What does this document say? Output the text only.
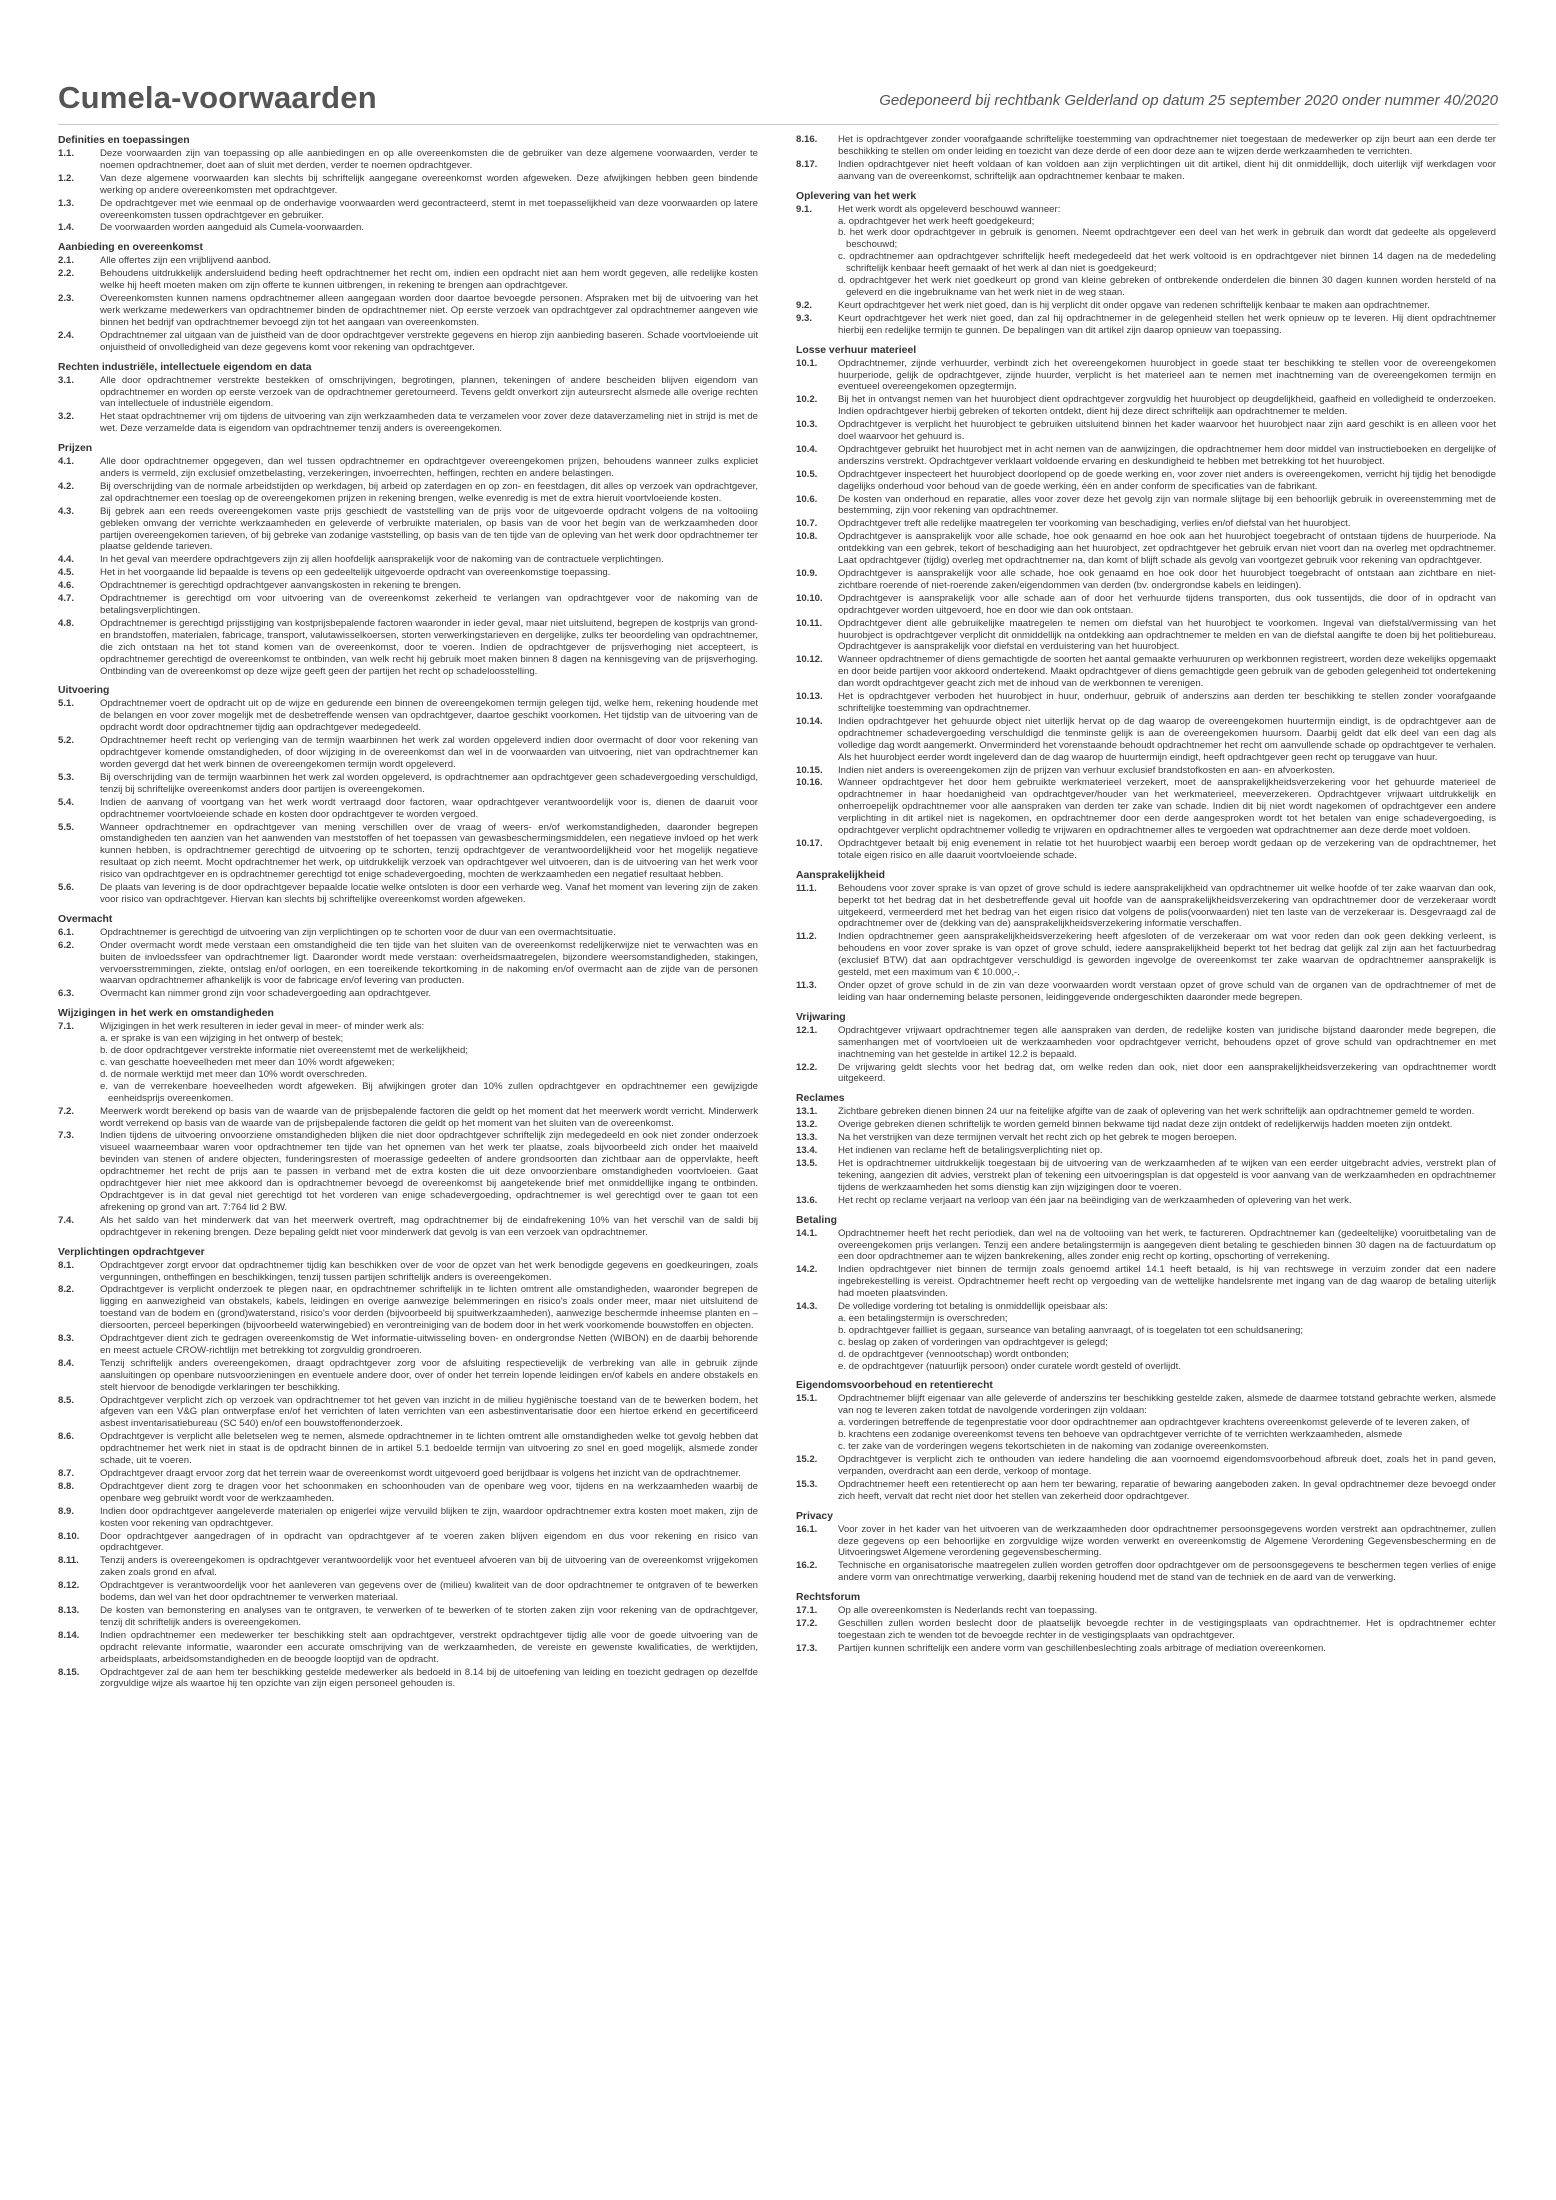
Cumela-voorwaarden	Gedeponeerd bij rechtbank Gelderland op datum 25 september 2020 onder nummer 40/2020
Definities en toepassingen
1.1.	Deze voorwaarden zijn van toepassing op alle aanbiedingen en op alle overeenkomsten die de gebruiker van deze algemene voorwaarden, verder te noemen opdrachtnemer, doet aan of sluit met derden, verder te noemen opdrachtgever.
1.2.	Van deze algemene voorwaarden kan slechts bij schriftelijk aangegane overeenkomst worden afgeweken. Deze afwijkingen hebben geen bindende werking op andere overeenkomsten met opdrachtgever.
1.3.	De opdrachtgever met wie eenmaal op de onderhavige voorwaarden werd gecontracteerd, stemt in met toepasselijkheid van deze voorwaarden op latere overeenkomsten tussen opdrachtgever en gebruiker.
1.4.	De voorwaarden worden aangeduid als Cumela-voorwaarden.
Aanbieding en overeenkomst
2.1.	Alle offertes zijn een vrijblijvend aanbod.
2.2.	Behoudens uitdrukkelijk andersluidend beding heeft opdrachtnemer het recht om, indien een opdracht niet aan hem wordt gegeven, alle redelijke kosten welke hij heeft moeten maken om zijn offerte te kunnen uitbrengen, in rekening te brengen aan opdrachtgever.
2.3.	Overeenkomsten kunnen namens opdrachtnemer alleen aangegaan worden door daartoe bevoegde personen. Afspraken met bij de uitvoering van het werk werkzame medewerkers van opdrachtnemer binden de opdrachtnemer niet. Op eerste verzoek van opdrachtgever zal opdrachtnemer aangeven wie binnen het bedrijf van opdrachtnemer bevoegd zijn tot het aangaan van overeenkomsten.
2.4.	Opdrachtnemer zal uitgaan van de juistheid van de door opdrachtgever verstrekte gegevens en hierop zijn aanbieding baseren. Schade voortvloeiende uit onjuistheid of onvolledigheid van deze gegevens komt voor rekening van opdrachtgever.
Rechten industriële, intellectuele eigendom en data
3.1.	Alle door opdrachtnemer verstrekte bestekken of omschrijvingen, begrotingen, plannen, tekeningen of andere bescheiden blijven eigendom van opdrachtnemer en worden op eerste verzoek van de opdrachtnemer geretourneerd. Tevens geldt onverkort zijn auteursrecht alsmede alle overige rechten van intellectuele of industriële eigendom.
3.2.	Het staat opdrachtnemer vrij om tijdens de uitvoering van zijn werkzaamheden data te verzamelen voor zover deze dataverzameling niet in strijd is met de wet. Deze verzamelde data is eigendom van opdrachtnemer tenzij anders is overeengekomen.
Prijzen
4.1.	Alle door opdrachtnemer opgegeven, dan wel tussen opdrachtnemer en opdrachtgever overeengekomen prijzen, behoudens wanneer zulks expliciet anders is vermeld, zijn exclusief omzetbelasting, verzekeringen, invoerrechten, heffingen, rechten en andere belastingen.
4.2.	Bij overschrijding van de normale arbeidstijden op werkdagen, bij arbeid op zaterdagen en op zon- en feestdagen, dit alles op verzoek van opdrachtgever, zal opdrachtnemer een toeslag op de overeengekomen prijzen in rekening brengen, welke evenredig is met de extra hieruit voortvloeiende kosten.
4.3.	Bij gebrek aan een reeds overeengekomen vaste prijs geschiedt de vaststelling van de prijs voor de uitgevoerde opdracht volgens de na voltooiing gebleken omvang der verrichte werkzaamheden en geleverde of verbruikte materialen, op basis van de voor het begin van de werkzaamheden door partijen overeengekomen tarieven, of bij gebreke van zodanige vaststelling, op basis van de ten tijde van de opleving van het werk door opdrachtnemer ter plaatse geldende tarieven.
4.4.	In het geval van meerdere opdrachtgevers zijn zij allen hoofdelijk aansprakelijk voor de nakoming van de contractuele verplichtingen.
4.5.	Het in het voorgaande lid bepaalde is tevens op een gedeeltelijk uitgevoerde opdracht van overeenkomstige toepassing.
4.6.	Opdrachtnemer is gerechtigd opdrachtgever aanvangskosten in rekening te brengen.
4.7.	Opdrachtnemer is gerechtigd om voor uitvoering van de overeenkomst zekerheid te verlangen van opdrachtgever voor de nakoming van de betalingsverplichtingen.
4.8.	Opdrachtnemer is gerechtigd prijsstijging van kostprijsbepalende factoren waaronder in ieder geval, maar niet uitsluitend, begrepen de kostprijs van grond- en brandstoffen, materialen, fabricage, transport, valutawisselkoersen, storten verwerkingstarieven en dergelijke, zulks ter beoordeling van opdrachtnemer, die zich ontstaan na het tot stand komen van de overeenkomst, door te voeren. Indien de opdrachtgever de prijsverhoging niet accepteert, is opdrachtnemer gerechtigd de overeenkomst te ontbinden, van welk recht hij gebruik moet maken binnen 8 dagen na kennisgeving van de prijsverhoging. Ontbinding van de overeenkomst op deze wijze geeft geen der partijen het recht op schadeloosstelling.
Uitvoering
5.1.	Opdrachtnemer voert de opdracht uit op de wijze en gedurende een binnen de overeengekomen termijn gelegen tijd, welke hem, rekening houdende met de belangen en voor zover mogelijk met de desbetreffende wensen van opdrachtgever, daartoe geschikt voorkomen. Het tijdstip van de uitvoering van de opdracht wordt door opdrachtnemer tijdig aan opdrachtgever medegedeeld.
5.2.	Opdrachtnemer heeft recht op verlenging van de termijn waarbinnen het werk zal worden opgeleverd indien door overmacht of door voor rekening van opdrachtgever komende omstandigheden, of door wijziging in de overeenkomst dan wel in de voorwaarden van uitvoering, niet van opdrachtnemer kan worden gevergd dat het werk binnen de overeengekomen termijn wordt opgeleverd.
5.3.	Bij overschrijding van de termijn waarbinnen het werk zal worden opgeleverd, is opdrachtnemer aan opdrachtgever geen schadevergoeding verschuldigd, tenzij bij schriftelijke overeenkomst anders door partijen is overeengekomen.
5.4.	Indien de aanvang of voortgang van het werk wordt vertraagd door factoren, waar opdrachtgever verantwoordelijk voor is, dienen de daaruit voor opdrachtnemer voortvloeiende schade en kosten door opdrachtgever te worden vergoed.
5.5.	Wanneer opdrachtnemer en opdrachtgever van mening verschillen over de vraag of weers- en/of werkomstandigheden, daaronder begrepen omstandigheden ten aanzien van het aanwenden van meststoffen of het toepassen van gewasbeschermingsmiddelen, een negatieve invloed op het werk kunnen hebben, is opdrachtnemer gerechtigd de uitvoering op te schorten, tenzij opdrachtgever de verantwoordelijkheid voor het mogelijk negatieve resultaat op zich neemt. Mocht opdrachtnemer het werk, op uitdrukkelijk verzoek van opdrachtgever wel uitvoeren, dan is de uitvoering van het werk voor risico van opdrachtgever en is opdrachtnemer gerechtigd tot enige schadevergoeding, mochten de werkzaamheden een negatief resultaat hebben.
5.6.	De plaats van levering is de door opdrachtgever bepaalde locatie welke ontsloten is door een verharde weg. Vanaf het moment van levering zijn de zaken voor risico van opdrachtgever. Hiervan kan slechts bij schriftelijke overeenkomst worden afgeweken.
Overmacht
6.1.	Opdrachtnemer is gerechtigd de uitvoering van zijn verplichtingen op te schorten voor de duur van een overmachtsituatie.
6.2.	Onder overmacht wordt mede verstaan een omstandigheid die ten tijde van het sluiten van de overeenkomst redelijkerwijze niet te verwachten was en buiten de invloedssfeer van opdrachtnemer ligt. Daaronder wordt mede verstaan: overheidsmaatregelen, bijzondere weersomstandigheden, stakingen, vervoersstremmingen, ziekte, ontslag en/of oorlogen, en een toereikende tekortkoming in de nakoming en/of overmacht aan de zijde van de personen waarvan opdrachtnemer afhankelijk is voor de fabricage en/of levering van producten.
6.3.	Overmacht kan nimmer grond zijn voor schadevergoeding aan opdrachtgever.
Wijzigingen in het werk en omstandigheden
7.1.	Wijzigingen in het werk resulteren in ieder geval in meer- of minder werk als:
a. er sprake is van een wijziging in het ontwerp of bestek;
b. de door opdrachtgever verstrekte informatie niet overeenstemt met de werkelijkheid;
c. van geschatte hoeveelheden met meer dan 10% wordt afgeweken;
d. de normale werktijd met meer dan 10% wordt overschreden.
e. van de verrekenbare hoeveelheden wordt afgeweken. Bij afwijkingen groter dan 10% zullen opdrachtgever en opdrachtnemer een gewijzigde eenheidsprijs overeenkomen.
7.2.	Meerwerk wordt berekend op basis van de waarde van de prijsbepalende factoren die geldt op het moment dat het meerwerk wordt verricht. Minderwerk wordt verrekend op basis van de waarde van de prijsbepalende factoren die geldt op het moment van het sluiten van de overeenkomst.
7.3.	Indien tijdens de uitvoering onvoorziene omstandigheden blijken die niet door opdrachtgever schriftelijk zijn medegedeeld en ook niet zonder onderzoek visueel waarneembaar waren voor opdrachtnemer ten tijde van het opnemen van het werk ter plaatse, zoals bijvoorbeeld zich onder het maaiveld bevinden van stenen of andere objecten, funderingsresten of moerassige gedeelten of andere grondsoorten dan zichtbaar aan de oppervlakte, heeft opdrachtnemer het recht de prijs aan te passen in verband met de extra kosten die uit deze onvoorzienbare omstandigheden voortvloeien. Gaat opdrachtgever hier niet mee akkoord dan is opdrachtnemer bevoegd de overeenkomst bij aangetekende brief met onmiddellijke ingang te ontbinden. Opdrachtgever is in dat geval niet gerechtigd tot het vorderen van enige schadevergoeding, opdrachtnemer is wel gerechtigd over te gaan tot een afrekening op grond van art. 7:764 lid 2 BW.
7.4.	Als het saldo van het minderwerk dat van het meerwerk overtreft, mag opdrachtnemer bij de eindafrekening 10% van het verschil van de saldi bij opdrachtgever in rekening brengen. Deze bepaling geldt niet voor minderwerk dat gevolg is van een verzoek van opdrachtnemer.
Verplichtingen opdrachtgever
8.1.	Opdrachtgever zorgt ervoor dat opdrachtnemer tijdig kan beschikken over de voor de opzet van het werk benodigde gegevens en goedkeuringen, zoals vergunningen, ontheffingen en beschikkingen, tenzij tussen partijen schriftelijk anders is overeengekomen.
8.2.	Opdrachtgever is verplicht onderzoek te plegen naar, en opdrachtnemer schriftelijk in te lichten omtrent alle omstandigheden, waaronder begrepen de ligging en aanwezigheid van obstakels, kabels, leidingen en overige aanwezige belemmeringen en risico's zoals onder meer, maar niet uitsluitend de toestand van de bodem en (grond)waterstand, risico's voor derden (bijvoorbeeld bij spuitwerkzaamheden), aanwezige beschermde inheemse planten en – diersoorten, perceel beperkingen (bijvoorbeeld waterwingebied) en verontreiniging van de bodem door in het werk voorkomende bouwstoffen en objecten.
8.3.	Opdrachtgever dient zich te gedragen overeenkomstig de Wet informatie-uitwisseling boven- en ondergrondse Netten (WIBON) en de daarbij behorende en meest actuele CROW-richtlijn met betrekking tot zorgvuldig grondroeren.
8.4.	Tenzij schriftelijk anders overeengekomen, draagt opdrachtgever zorg voor de afsluiting respectievelijk de verbreking van alle in gebruik zijnde aansluitingen op openbare nutsvoorzieningen en eventuele andere door, over of onder het terrein lopende leidingen en/of kabels en andere obstakels en stelt hiervoor de benodigde verklaringen ter beschikking.
8.5.	Opdrachtgever verplicht zich op verzoek van opdrachtnemer tot het geven van inzicht in de milieu hygiënische toestand van de te bewerken bodem, het afgeven van een V&G plan ontwerpfase en/of het verrichten of laten verrichten van een asbestinventarisatie door een hiertoe erkend en gecertificeerd asbest inventarisatiebureau (SC 540) en/of een bouwstoffenonderzoek.
8.6.	Opdrachtgever is verplicht alle beletselen weg te nemen, alsmede opdrachtnemer in te lichten omtrent alle omstandigheden welke tot gevolg hebben dat opdrachtnemer het werk niet in staat is de opdracht binnen de in artikel 5.1 bedoelde termijn van uitvoering zo snel en goed mogelijk, alsmede zonder schade, uit te voeren.
8.7.	Opdrachtgever draagt ervoor zorg dat het terrein waar de overeenkomst wordt uitgevoerd goed berijdbaar is volgens het inzicht van de opdrachtnemer.
8.8.	Opdrachtgever dient zorg te dragen voor het schoonmaken en schoonhouden van de openbare weg voor, tijdens en na werkzaamheden waarbij de openbare weg gebruikt wordt voor de werkzaamheden.
8.9.	Indien door opdrachtgever aangeleverde materialen op enigerlei wijze vervuild blijken te zijn, waardoor opdrachtnemer extra kosten moet maken, zijn de kosten voor rekening van opdrachtgever.
8.10.	Door opdrachtgever aangedragen of in opdracht van opdrachtgever af te voeren zaken blijven eigendom en dus voor rekening en risico van opdrachtgever.
8.11.	Tenzij anders is overeengekomen is opdrachtgever verantwoordelijk voor het eventueel afvoeren van bij de uitvoering van de overeenkomst vrijgekomen zaken zoals grond en afval.
8.12.	Opdrachtgever is verantwoordelijk voor het aanleveren van gegevens over de (milieu) kwaliteit van de door opdrachtnemer te ontgraven of te bewerken bodems, dan wel van het door opdrachtnemer te verwerken materiaal.
8.13.	De kosten van bemonstering en analyses van te ontgraven, te verwerken of te bewerken of te storten zaken zijn voor rekening van de opdrachtgever, tenzij dit schriftelijk anders is overeengekomen.
8.14.	Indien opdrachtnemer een medewerker ter beschikking stelt aan opdrachtgever, verstrekt opdrachtgever tijdig alle voor de goede uitvoering van de opdracht relevante informatie, waaronder een accurate omschrijving van de werkzaamheden, de vereiste en gewenste kwalificaties, de werktijden, arbeidsplaats, arbeidsomstandigheden en de beoogde looptijd van de opdracht.
8.15.	Opdrachtgever zal de aan hem ter beschikking gestelde medewerker als bedoeld in 8.14 bij de uitoefening van leiding en toezicht gedragen op dezelfde zorgvuldige wijze als waartoe hij ten opzichte van zijn eigen personeel gehouden is.
8.16.	Het is opdrachtgever zonder voorafgaande schriftelijke toestemming van opdrachtnemer niet toegestaan de medewerker op zijn beurt aan een derde ter beschikking te stellen om onder leiding en toezicht van deze derde of een door deze aan te wijzen derde werkzaamheden te verrichten.
8.17.	Indien opdrachtgever niet heeft voldaan of kan voldoen aan zijn verplichtingen uit dit artikel, dient hij dit onmiddellijk, doch uiterlijk vijf werkdagen voor aanvang van de overeenkomst, schriftelijk aan opdrachtnemer kenbaar te maken.
Oplevering van het werk
9.1.	Het werk wordt als opgeleverd beschouwd wanneer:
a. opdrachtgever het werk heeft goedgekeurd;
b. het werk door opdrachtgever in gebruik is genomen. Neemt opdrachtgever een deel van het werk in gebruik dan wordt dat gedeelte als opgeleverd beschouwd;
c. opdrachtnemer aan opdrachtgever schriftelijk heeft medegedeeld dat het werk voltooid is en opdrachtgever niet binnen 14 dagen na de mededeling schriftelijk kenbaar heeft gemaakt of het werk al dan niet is goedgekeurd;
d. opdrachtgever het werk niet goedkeurt op grond van kleine gebreken of ontbrekende onderdelen die binnen 30 dagen kunnen worden hersteld of na geleverd en die ingebruikname van het werk niet in de weg staan.
9.2.	Keurt opdrachtgever het werk niet goed, dan is hij verplicht dit onder opgave van redenen schriftelijk kenbaar te maken aan opdrachtnemer.
9.3.	Keurt opdrachtgever het werk niet goed, dan zal hij opdrachtnemer in de gelegenheid stellen het werk opnieuw op te leveren. Hij dient opdrachtnemer hierbij een redelijke termijn te gunnen. De bepalingen van dit artikel zijn daarop opnieuw van toepassing.
Losse verhuur materieel
10.1.	Opdrachtnemer, zijnde verhuurder, verbindt zich het overeengekomen huurobject in goede staat ter beschikking te stellen voor de overeengekomen huurperiode, gelijk de opdrachtgever, zijnde huurder, verplicht is het materieel aan te nemen met inachtneming van de overeengekomen termijn en eventueel overeengekomen opzegtermijn.
10.2.	Bij het in ontvangst nemen van het huurobject dient opdrachtgever zorgvuldig het huurobject op deugdelijkheid, gaafheid en volledigheid te onderzoeken. Indien opdrachtgever hierbij gebreken of tekorten ontdekt, dient hij deze direct schriftelijk aan opdrachtnemer te melden.
10.3.	Opdrachtgever is verplicht het huurobject te gebruiken uitsluitend binnen het kader waarvoor het huurobject naar zijn aard geschikt is en alleen voor het doel waarvoor het gehuurd is.
10.4.	Opdrachtgever gebruikt het huurobject met in acht nemen van de aanwijzingen, die opdrachtnemer hem door middel van instructieboeken en dergelijke of anderszins verstrekt. Opdrachtgever verklaart voldoende ervaring en deskundigheid te hebben met betrekking tot het huurobject.
10.5.	Opdrachtgever inspecteert het huurobject doorlopend op de goede werking en, voor zover niet anders is overeengekomen, verricht hij tijdig het benodigde dagelijks onderhoud voor behoud van de goede werking, één en ander conform de specificaties van de fabrikant.
10.6.	De kosten van onderhoud en reparatie, alles voor zover deze het gevolg zijn van normale slijtage bij een behoorlijk gebruik in overeenstemming met de bestemming, zijn voor rekening van opdrachtnemer.
10.7.	Opdrachtgever treft alle redelijke maatregelen ter voorkoming van beschadiging, verlies en/of diefstal van het huurobject.
10.8.	Opdrachtgever is aansprakelijk voor alle schade, hoe ook genaamd en hoe ook aan het huurobject toegebracht of ontstaan tijdens de huurperiode. Na ontdekking van een gebrek, tekort of beschadiging aan het huurobject, zet opdrachtgever het gebruik ervan niet voort dan na overleg met opdrachtnemer. Laat opdrachtgever (tijdig) overleg met opdrachtnemer na, dan komt of blijft schade als gevolg van voortgezet gebruik voor rekening van opdrachtgever.
10.9.	Opdrachtgever is aansprakelijk voor alle schade, hoe ook genaamd en hoe ook door het huurobject toegebracht of ontstaan aan zichtbare en niet-zichtbare roerende of niet-roerende zaken/eigendommen van derden (bv. ondergrondse kabels en leidingen).
10.10.	Opdrachtgever is aansprakelijk voor alle schade aan of door het verhuurde tijdens transporten, dus ook tussentijds, die door of in opdracht van opdrachtgever worden uitgevoerd, hoe en door wie dan ook ontstaan.
10.11.	Opdrachtgever dient alle gebruikelijke maatregelen te nemen om diefstal van het huurobject te voorkomen. Ingeval van diefstal/vermissing van het huurobject is opdrachtgever verplicht dit onmiddellijk na ontdekking aan opdrachtnemer te melden en van de diefstal aangifte te doen bij het politiebureau. Opdrachtgever is aansprakelijk voor diefstal en verduistering van het huurobject.
10.12.	Wanneer opdrachtnemer of diens gemachtigde de soorten het aantal gemaakte verhuururen op werkbonnen registreert, worden deze wekelijks opgemaakt en door beide partijen voor akkoord ondertekend. Maakt opdrachtgever of diens gemachtigde geen gebruik van de geboden gelegenheid tot ondertekening dan wordt opdrachtgever geacht zich met de inhoud van de werkbonnen te verenigen.
10.13.	Het is opdrachtgever verboden het huurobject in huur, onderhuur, gebruik of anderszins aan derden ter beschikking te stellen zonder voorafgaande schriftelijke toestemming van opdrachtnemer.
10.14.	Indien opdrachtgever het gehuurde object niet uiterlijk hervat op de dag waarop de overeengekomen huurtermijn eindigt, is de opdrachtgever aan de opdrachtnemer schadevergoeding verschuldigd die tenminste gelijk is aan de overeengekomen huursom. Daarbij geldt dat elk deel van een dag als volledige dag wordt aangemerkt. Onverminderd het vorenstaande behoudt opdrachtnemer het recht om aanvullende schade op opdrachtgever te verhalen. Als het huurobject eerder wordt ingeleverd dan de dag waarop de huurtermijn eindigt, heeft opdrachtgever geen recht op teruggave van huur.
10.15.	Indien niet anders is overeengekomen zijn de prijzen van verhuur exclusief brandstofkosten en aan- en afvoerkosten.
10.16.	Wanneer opdrachtgever het door hem gebruikte werkmaterieel verzekert, moet de aansprakelijkheidsverzekering voor het gehuurde materieel de opdrachtnemer in haar hoedanigheid van opdrachtgever/houder van het werkmaterieel, meeverzekeren. Opdrachtgever vrijwaart uitdrukkelijk en onherroepelijk opdrachtnemer voor alle aanspraken van derden ter zake van schade. Indien dit bij niet wordt nagekomen of opdrachtgever een andere verplichting in dit artikel niet is nagekomen, en opdrachtnemer door een derde aangesproken wordt tot het betalen van enige schadevergoeding, is opdrachtgever verplicht opdrachtnemer volledig te vrijwaren en opdrachtnemer alles te vergoeden wat opdrachtnemer aan deze derde moet voldoen.
10.17.	Opdrachtgever betaalt bij enig evenement in relatie tot het huurobject waarbij een beroep wordt gedaan op de verzekering van de opdrachtnemer, het totale eigen risico en alle daaruit voortvloeiende schade.
Aansprakelijkheid
11.1.	Behoudens voor zover sprake is van opzet of grove schuld is iedere aansprakelijkheid van opdrachtnemer uit welke hoofde of ter zake waarvan dan ook, beperkt tot het bedrag dat in het desbetreffende geval uit hoofde van de aansprakelijkheidsverzekering van opdrachtnemer door de verzekeraar wordt uitgekeerd, vermeerderd met het bedrag van het eigen risico dat volgens de polis(voorwaarden) niet ten laste van de verzekeraar is. Desgevraagd zal de opdrachtnemer over de (dekking van de) aansprakelijkheidsverzekering informatie verschaffen.
11.2.	Indien opdrachtnemer geen aansprakelijkheidsverzekering heeft afgesloten of de verzekeraar om wat voor reden dan ook geen dekking verleent, is behoudens en voor zover sprake is van opzet of grove schuld, iedere aansprakelijkheid beperkt tot het bedrag dat gelijk zal zijn aan het factuurbedrag (exclusief BTW) dat aan opdrachtgever verschuldigd is geworden ingevolge de overeenkomst ter zake waarvan de opdrachtnemer aansprakelijk is gesteld, met een maximum van € 10.000,-.
11.3.	Onder opzet of grove schuld in de zin van deze voorwaarden wordt verstaan opzet of grove schuld van de organen van de opdrachtnemer of met de leiding van haar onderneming belaste personen, leidinggevende ondergeschikten daaronder mede begrepen.
Vrijwaring
12.1.	Opdrachtgever vrijwaart opdrachtnemer tegen alle aanspraken van derden, de redelijke kosten van juridische bijstand daaronder mede begrepen, die samenhangen met of voortvloeien uit de werkzaamheden voor opdrachtgever verricht, behoudens opzet of grove schuld van opdrachtnemer en met inachtneming van het gestelde in artikel 12.2 is bepaald.
12.2.	De vrijwaring geldt slechts voor het bedrag dat, om welke reden dan ook, niet door een aansprakelijkheidsverzekering van opdrachtnemer wordt uitgekeerd.
Reclames
13.1.	Zichtbare gebreken dienen binnen 24 uur na feitelijke afgifte van de zaak of oplevering van het werk schriftelijk aan opdrachtnemer gemeld te worden.
13.2.	Overige gebreken dienen schriftelijk te worden gemeld binnen bekwame tijd nadat deze zijn ontdekt of redelijkerwijs hadden moeten zijn ontdekt.
13.3.	Na het verstrijken van deze termijnen vervalt het recht zich op het gebrek te mogen beroepen.
13.4.	Het indienen van reclame heft de betalingsverplichting niet op.
13.5.	Het is opdrachtnemer uitdrukkelijk toegestaan bij de uitvoering van de werkzaamheden af te wijken van een eerder uitgebracht advies, verstrekt plan of tekening, aangezien dit advies, verstrekt plan of tekening een uitvoeringsplan is dat opgesteld is voor aanvang van de werkzaamheden en opdrachtnemer tijdens de werkzaamheden het soms dienstig kan zijn wijzigingen door te voeren.
13.6.	Het recht op reclame verjaart na verloop van één jaar na beëindiging van de werkzaamheden of oplevering van het werk.
Betaling
14.1.	Opdrachtnemer heeft het recht periodiek, dan wel na de voltooiing van het werk, te factureren. Opdrachtnemer kan (gedeeltelijke) vooruitbetaling van de overeengekomen prijs verlangen. Tenzij een andere betalingstermijn is aangegeven dient betaling te geschieden binnen 30 dagen na de factuurdatum op een door opdrachtnemer aan te wijzen bankrekening, alles zonder enig recht op korting, opschorting of verrekening.
14.2.	Indien opdrachtgever niet binnen de termijn zoals genoemd artikel 14.1 heeft betaald, is hij van rechtswege in verzuim zonder dat een nadere ingebrekestelling is vereist. Opdrachtnemer heeft recht op vergoeding van de wettelijke handelsrente met ingang van de dag waarop de betaling uiterlijk had moeten plaatsvinden.
14.3.	De volledige vordering tot betaling is onmiddellijk opeisbaar als:
a. een betalingstermijn is overschreden;
b. opdrachtgever failliet is gegaan, surseance van betaling aanvraagt, of is toegelaten tot een schuldsanering;
c. beslag op zaken of vorderingen van opdrachtgever is gelegd;
d. de opdrachtgever (vennootschap) wordt ontbonden;
e. de opdrachtgever (natuurlijk persoon) onder curatele wordt gesteld of overlijdt.
Eigendomsvoorbehoud en retentierecht
15.1.	Opdrachtnemer blijft eigenaar van alle geleverde of anderszins ter beschikking gestelde zaken, alsmede de daarmee totstand gebrachte werken, alsmede van nog te leveren zaken totdat de navolgende vorderingen zijn voldaan:
a. vorderingen betreffende de tegenprestatie voor door opdrachtnemer aan opdrachtgever krachtens overeenkomst geleverde of te leveren zaken, of
b. krachtens een zodanige overeenkomst tevens ten behoeve van opdrachtgever verrichte of te verrichten werkzaamheden, alsmede
c. ter zake van de vorderingen wegens tekortschieten in de nakoming van zodanige overeenkomsten.
15.2.	Opdrachtgever is verplicht zich te onthouden van iedere handeling die aan voornoemd eigendomsvoorbehoud afbreuk doet, zoals het in pand geven, verpanden, overdracht aan een derde, verkoop of montage.
15.3.	Opdrachtnemer heeft een retentierecht op aan hem ter bewaring, reparatie of bewaring aangeboden zaken. In geval opdrachtnemer deze bevoegd onder zich heeft, vervalt dat recht niet door het stellen van zekerheid door opdrachtgever.
Privacy
16.1.	Voor zover in het kader van het uitvoeren van de werkzaamheden door opdrachtnemer persoonsgegevens worden verstrekt aan opdrachtnemer, zullen deze gegevens op een behoorlijke en zorgvuldige wijze worden verwerkt en overeenkomstig de Algemene Verordening Gegevensbescherming en de Uitvoeringswet Algemene verordening gegevensbescherming.
16.2.	Technische en organisatorische maatregelen zullen worden getroffen door opdrachtgever om de persoonsgegevens te beschermen tegen verlies of enige andere vorm van onrechtmatige verwerking, daarbij rekening houdend met de stand van de techniek en de aard van de verwerking.
Rechtsforum
17.1.	Op alle overeenkomsten is Nederlands recht van toepassing.
17.2.	Geschillen zullen worden beslecht door de plaatselijk bevoegde rechter in de vestigingsplaats van opdrachtnemer. Het is opdrachtnemer echter toegestaan zich te wenden tot de bevoegde rechter in de vestigingsplaats van opdrachtgever.
17.3.	Partijen kunnen schriftelijk een andere vorm van geschillenbeslechting zoals arbitrage of mediation overeenkomen.
